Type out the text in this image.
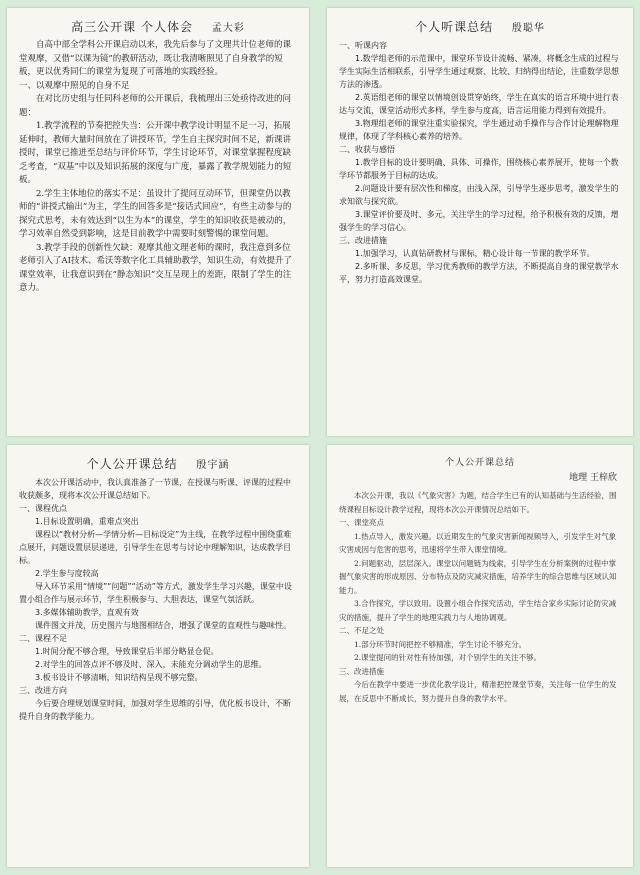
高三公开课 个人体会 孟大彩

自高中部全学科公开课启动以来，我先后参与了文理共计位老师的课堂观摩，又借“以课为镜”的教研活动，既让我清晰照见了自身教学的短板，更以优秀同仁的课堂为复现了可落地的实践经验。

一、以观摩中照见的自身不足

在对比历史组与任同科老师的公开课后，我梳理出三处亟待改进的问题：

1.教学流程的节奏把控失当：公开课中教学设计明显不足一习，拓展延伸时，教师大量时间放在了讲授环节，学生自主探究时间不足，新课讲授时，课堂已推进至总结与评价环节，学生讨论环节，对课堂掌握程度缺乏考查，“双基”中以及知识拓展的深度与广度，暴露了教学规划能力的短板。

2.学生主体地位的落实不足：虽设计了提问互动环节，但课堂仍以教师的“讲授式输出”为主，学生的回答多是“接话式回应”，有些主动参与的探究式思考，未有效达到“以生为本”的课堂，学生的知识收获是被动的，学习效率自然受到影响，这是目前教学中需要时刻警惕的课堂问题。

3.教学手段的创新性欠缺：观摩其他文理老师的课时，我注意到多位老师引入了AI技术、希沃等数字化工具辅助教学，知识生动，有效提升了课堂效率，让我意识到在“静态知识”交互呈现上的差距，限制了学生的注意力。

个人听课总结 殷聪华

一、听课内容

1.数学组老师的示范课中，课堂环节设计流畅、紧凑，将概念生成的过程与学生实际生活相联系，引导学生通过观察、比较、归纳得出结论，注重数学思想方法的渗透。

2.英语组老师的课堂以情境创设贯穿始终，学生在真实的语言环境中进行表达与交流，课堂活动形式多样，学生参与度高，语言运用能力得到有效提升。

3.物理组老师的课堂注重实验探究，学生通过动手操作与合作讨论理解物理规律，体现了学科核心素养的培养。

二、收获与感悟

1.教学目标的设计要明确、具体、可操作，围绕核心素养展开，使每一个教学环节都服务于目标的达成。

2.问题设计要有层次性和梯度，由浅入深，引导学生逐步思考，激发学生的求知欲与探究欲。

3.课堂评价要及时、多元，关注学生的学习过程，给予积极有效的反馈，增强学生的学习信心。

三、改进措施

1.加强学习，认真钻研教材与课标，精心设计每一节课的教学环节。

2.多听课、多反思，学习优秀教师的教学方法，不断提高自身的课堂教学水平，努力打造高效课堂。

个人公开课总结 殷宇涵

本次公开课活动中，我认真准备了一节课，在授课与听课、评课的过程中收获颇多，现将本次公开课总结如下。

一、课程优点

1.目标设置明确，重难点突出

课程以“教材分析—学情分析—目标设定”为主线，在教学过程中围绕重难点展开，问题设置层层递进，引导学生在思考与讨论中理解知识，达成教学目标。

2.学生参与度较高

导入环节采用“情境”“问题”“活动”等方式，激发学生学习兴趣，课堂中设置小组合作与展示环节，学生积极参与、大胆表达，课堂气氛活跃。

3.多媒体辅助教学，直观有效

课件图文并茂，历史图片与地图相结合，增强了课堂的直观性与趣味性。

二、课程不足

1.时间分配不够合理，导致课堂后半部分略显仓促。

2.对学生的回答点评不够及时、深入，未能充分调动学生的思维。

3.板书设计不够清晰，知识结构呈现不够完整。

三、改进方向

今后要合理规划课堂时间，加强对学生思维的引导，优化板书设计，不断提升自身的教学能力。

个人公开课总结
地理 王梓欣

本次公开课，我以《气象灾害》为题，结合学生已有的认知基础与生活经验，围绕课程目标设计教学过程，现将本次公开课情况总结如下。

一、课堂亮点

1.热点导入，激发兴趣。以近期发生的气象灾害新闻视频导入，引发学生对气象灾害成因与危害的思考，迅速将学生带入课堂情境。

2.问题驱动，层层深入。课堂以问题链为线索，引导学生在分析案例的过程中掌握气象灾害的形成原因、分布特点及防灾减灾措施，培养学生的综合思维与区域认知能力。

3.合作探究，学以致用。设置小组合作探究活动，学生结合家乡实际讨论防灾减灾的措施，提升了学生的地理实践力与人地协调观。

二、不足之处

1.部分环节时间把控不够精准，学生讨论不够充分。

2.课堂提问的针对性有待加强，对个别学生的关注不够。

三、改进措施

今后在教学中要进一步优化教学设计，精准把控课堂节奏，关注每一位学生的发展，在反思中不断成长，努力提升自身的教学水平。
